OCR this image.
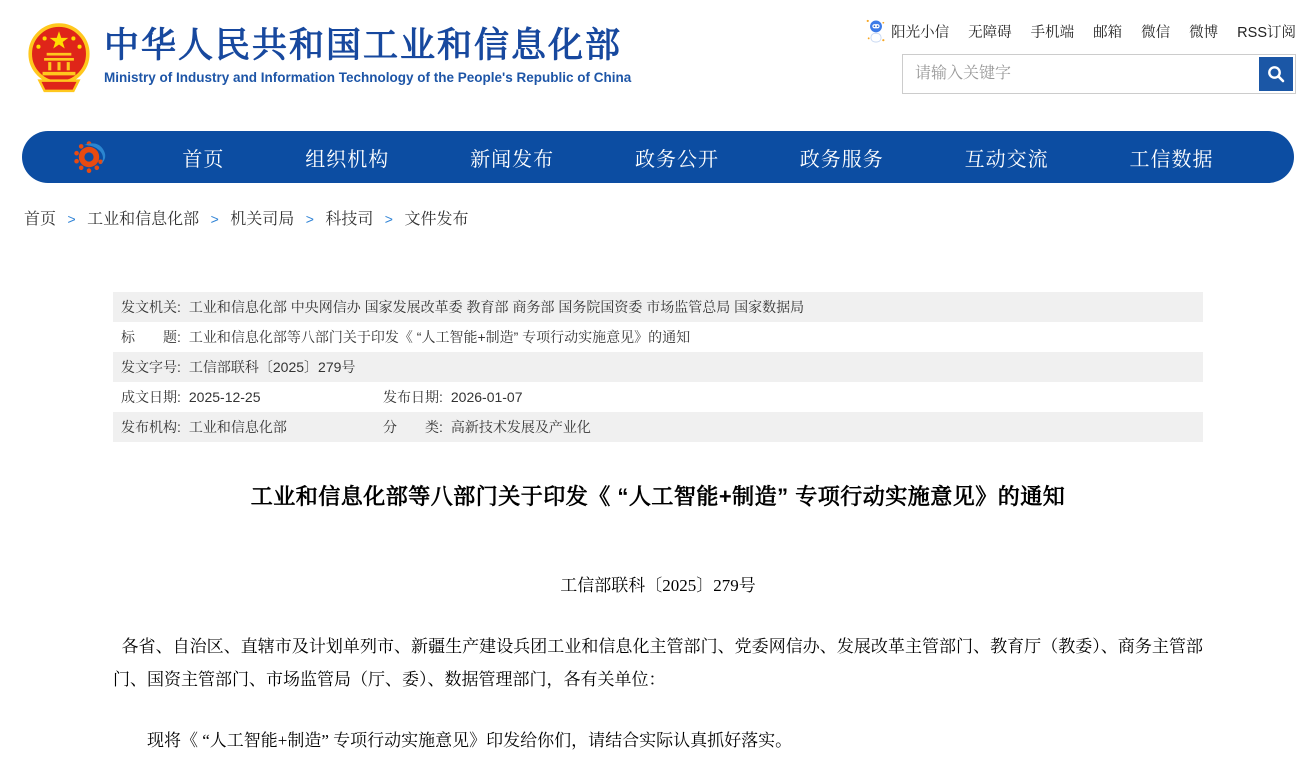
中华人民共和国工业和信息化部
Ministry of Industry and Information Technology of the People's Republic of China
阳光小信 无障碍 手机端 邮箱 微信 微博 RSS订阅
请输入关键字
首页	组织机构	新闻发布	政务公开	政务服务	互动交流	工信数据
首页 > 工业和信息化部 > 机关司局 > 科技司 > 文件发布
发文机关: 工业和信息化部 中央网信办 国家发展改革委 教育部 商务部 国务院国资委 市场监管总局 国家数据局
标　　题: 工业和信息化部等八部门关于印发《 “人工智能+制造” 专项行动实施意见》的通知
发文字号: 工信部联科〔2025〕279号
成文日期: 2025-12-25	发布日期: 2026-01-07
发布机构: 工业和信息化部	分　　类: 高新技术发展及产业化
工业和信息化部等八部门关于印发《 “人工智能+制造” 专项行动实施意见》的通知
工信部联科〔2025〕279号

各省、自治区、直辖市及计划单列市、新疆生产建设兵团工业和信息化主管部门、党委网信办、发展改革主管部门、教育厅（教委）、商务主管部门、国资主管部门、市场监管局（厅、委）、数据管理部门，各有关单位：

现将《 “人工智能+制造” 专项行动实施意见》印发给你们，请结合实际认真抓好落实。
